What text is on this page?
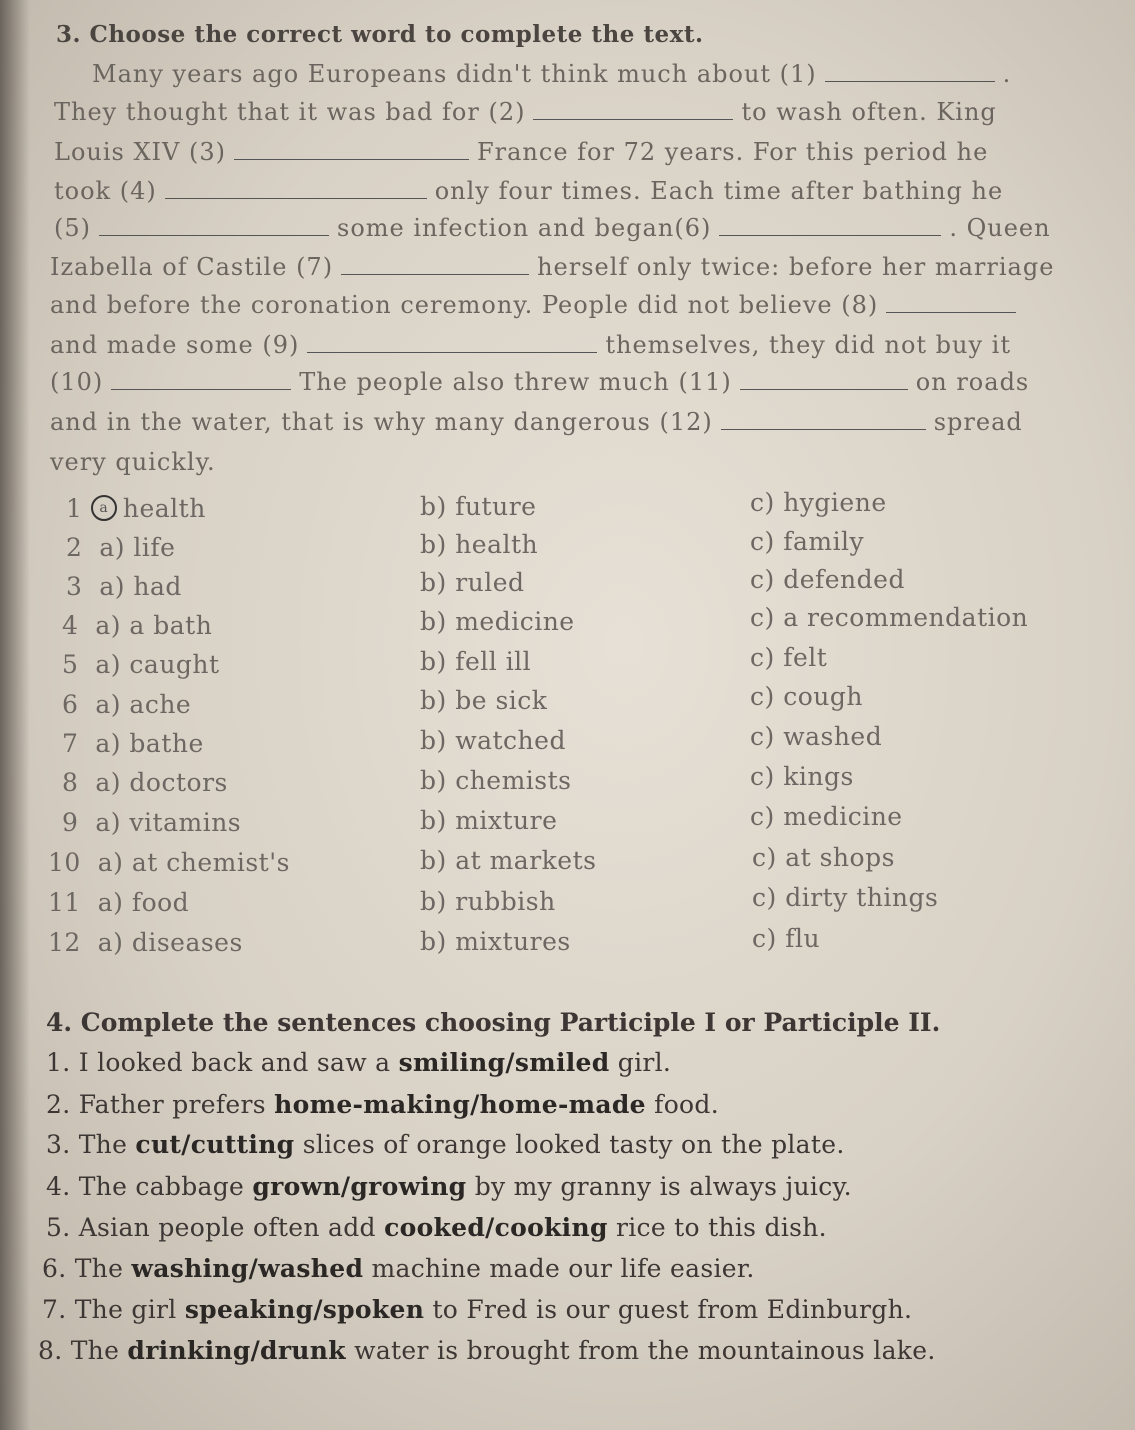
3. Choose the correct word to complete the text.
Many years ago Europeans didn't think much about (1)	.
They thought that it was bad for (2)	to wash often. King
Louis XIV (3)	France for 72 years. For this period he
took (4)	only four times. Each time after bathing he
(5)	some infection and began(6)	. Queen
Izabella of Castile (7)	herself only twice: before her marriage
and before the coronation ceremony. People did not believe (8)
and made some (9)	themselves, they did not buy it
(10)	The people also threw much (11)	on roads
and in the water, that is why many dangerous (12)	spread
very quickly.
1 a health	b) future	c) hygiene
2 a) life	b) health	c) family
3 a) had	b) ruled	c) defended
4 a) a bath	b) medicine	c) a recommendation
5 a) caught	b) fell ill	c) felt
6 a) ache	b) be sick	c) cough
7 a) bathe	b) watched	c) washed
8 a) doctors	b) chemists	c) kings
9 a) vitamins	b) mixture	c) medicine
10 a) at chemist's	b) at markets	c) at shops
11 a) food	b) rubbish	c) dirty things
12 a) diseases	b) mixtures	c) flu
4. Complete the sentences choosing Participle I or Participle II.
1. I looked back and saw a smiling/smiled girl.
2. Father prefers home-making/home-made food.
3. The cut/cutting slices of orange looked tasty on the plate.
4. The cabbage grown/growing by my granny is always juicy.
5. Asian people often add cooked/cooking rice to this dish.
6. The washing/washed machine made our life easier.
7. The girl speaking/spoken to Fred is our guest from Edinburgh.
8. The drinking/drunk water is brought from the mountainous lake.
